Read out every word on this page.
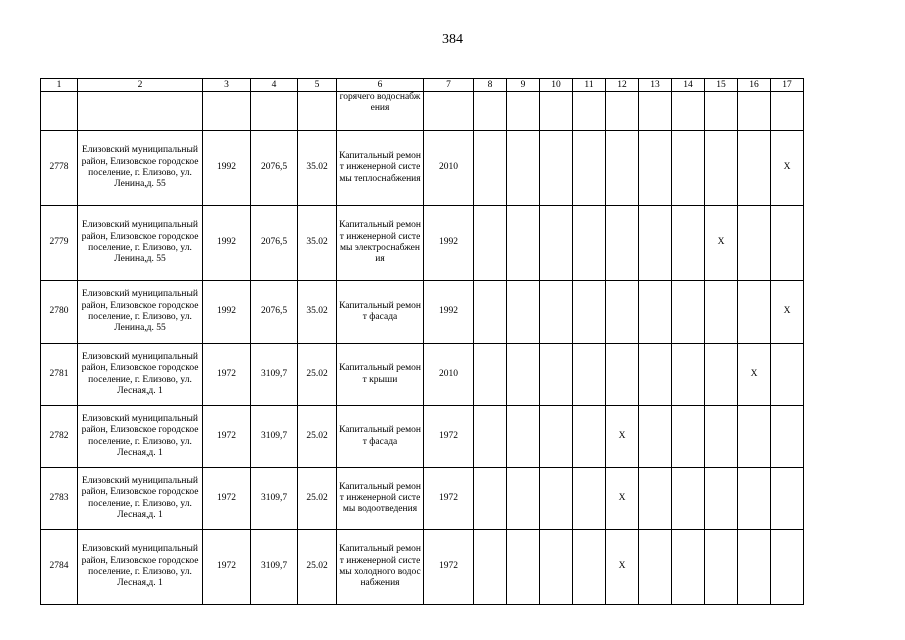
384
1	2	3	4	5	6	7	8	9	10	11	12	13	14	15	16	17
					горячего водоснабжения											
2778	Елизовский муниципальный район, Елизовское городское поселение, г. Елизово, ул. Ленина,д. 55	1992	2076,5	35.02	Капитальный ремонт инженерной системы теплоснабжения	2010										X
2779	Елизовский муниципальный район, Елизовское городское поселение, г. Елизово, ул. Ленина,д. 55	1992	2076,5	35.02	Капитальный ремонт инженерной системы электроснабжения	1992								X		
2780	Елизовский муниципальный район, Елизовское городское поселение, г. Елизово, ул. Ленина,д. 55	1992	2076,5	35.02	Капитальный ремонт фасада	1992										X
2781	Елизовский муниципальный район, Елизовское городское поселение, г. Елизово, ул. Лесная,д. 1	1972	3109,7	25.02	Капитальный ремонт крыши	2010									X	
2782	Елизовский муниципальный район, Елизовское городское поселение, г. Елизово, ул. Лесная,д. 1	1972	3109,7	25.02	Капитальный ремонт фасада	1972					X					
2783	Елизовский муниципальный район, Елизовское городское поселение, г. Елизово, ул. Лесная,д. 1	1972	3109,7	25.02	Капитальный ремонт инженерной системы водоотведения	1972					X					
2784	Елизовский муниципальный район, Елизовское городское поселение, г. Елизово, ул. Лесная,д. 1	1972	3109,7	25.02	Капитальный ремонт инженерной системы холодного водоснабжения	1972					X					
